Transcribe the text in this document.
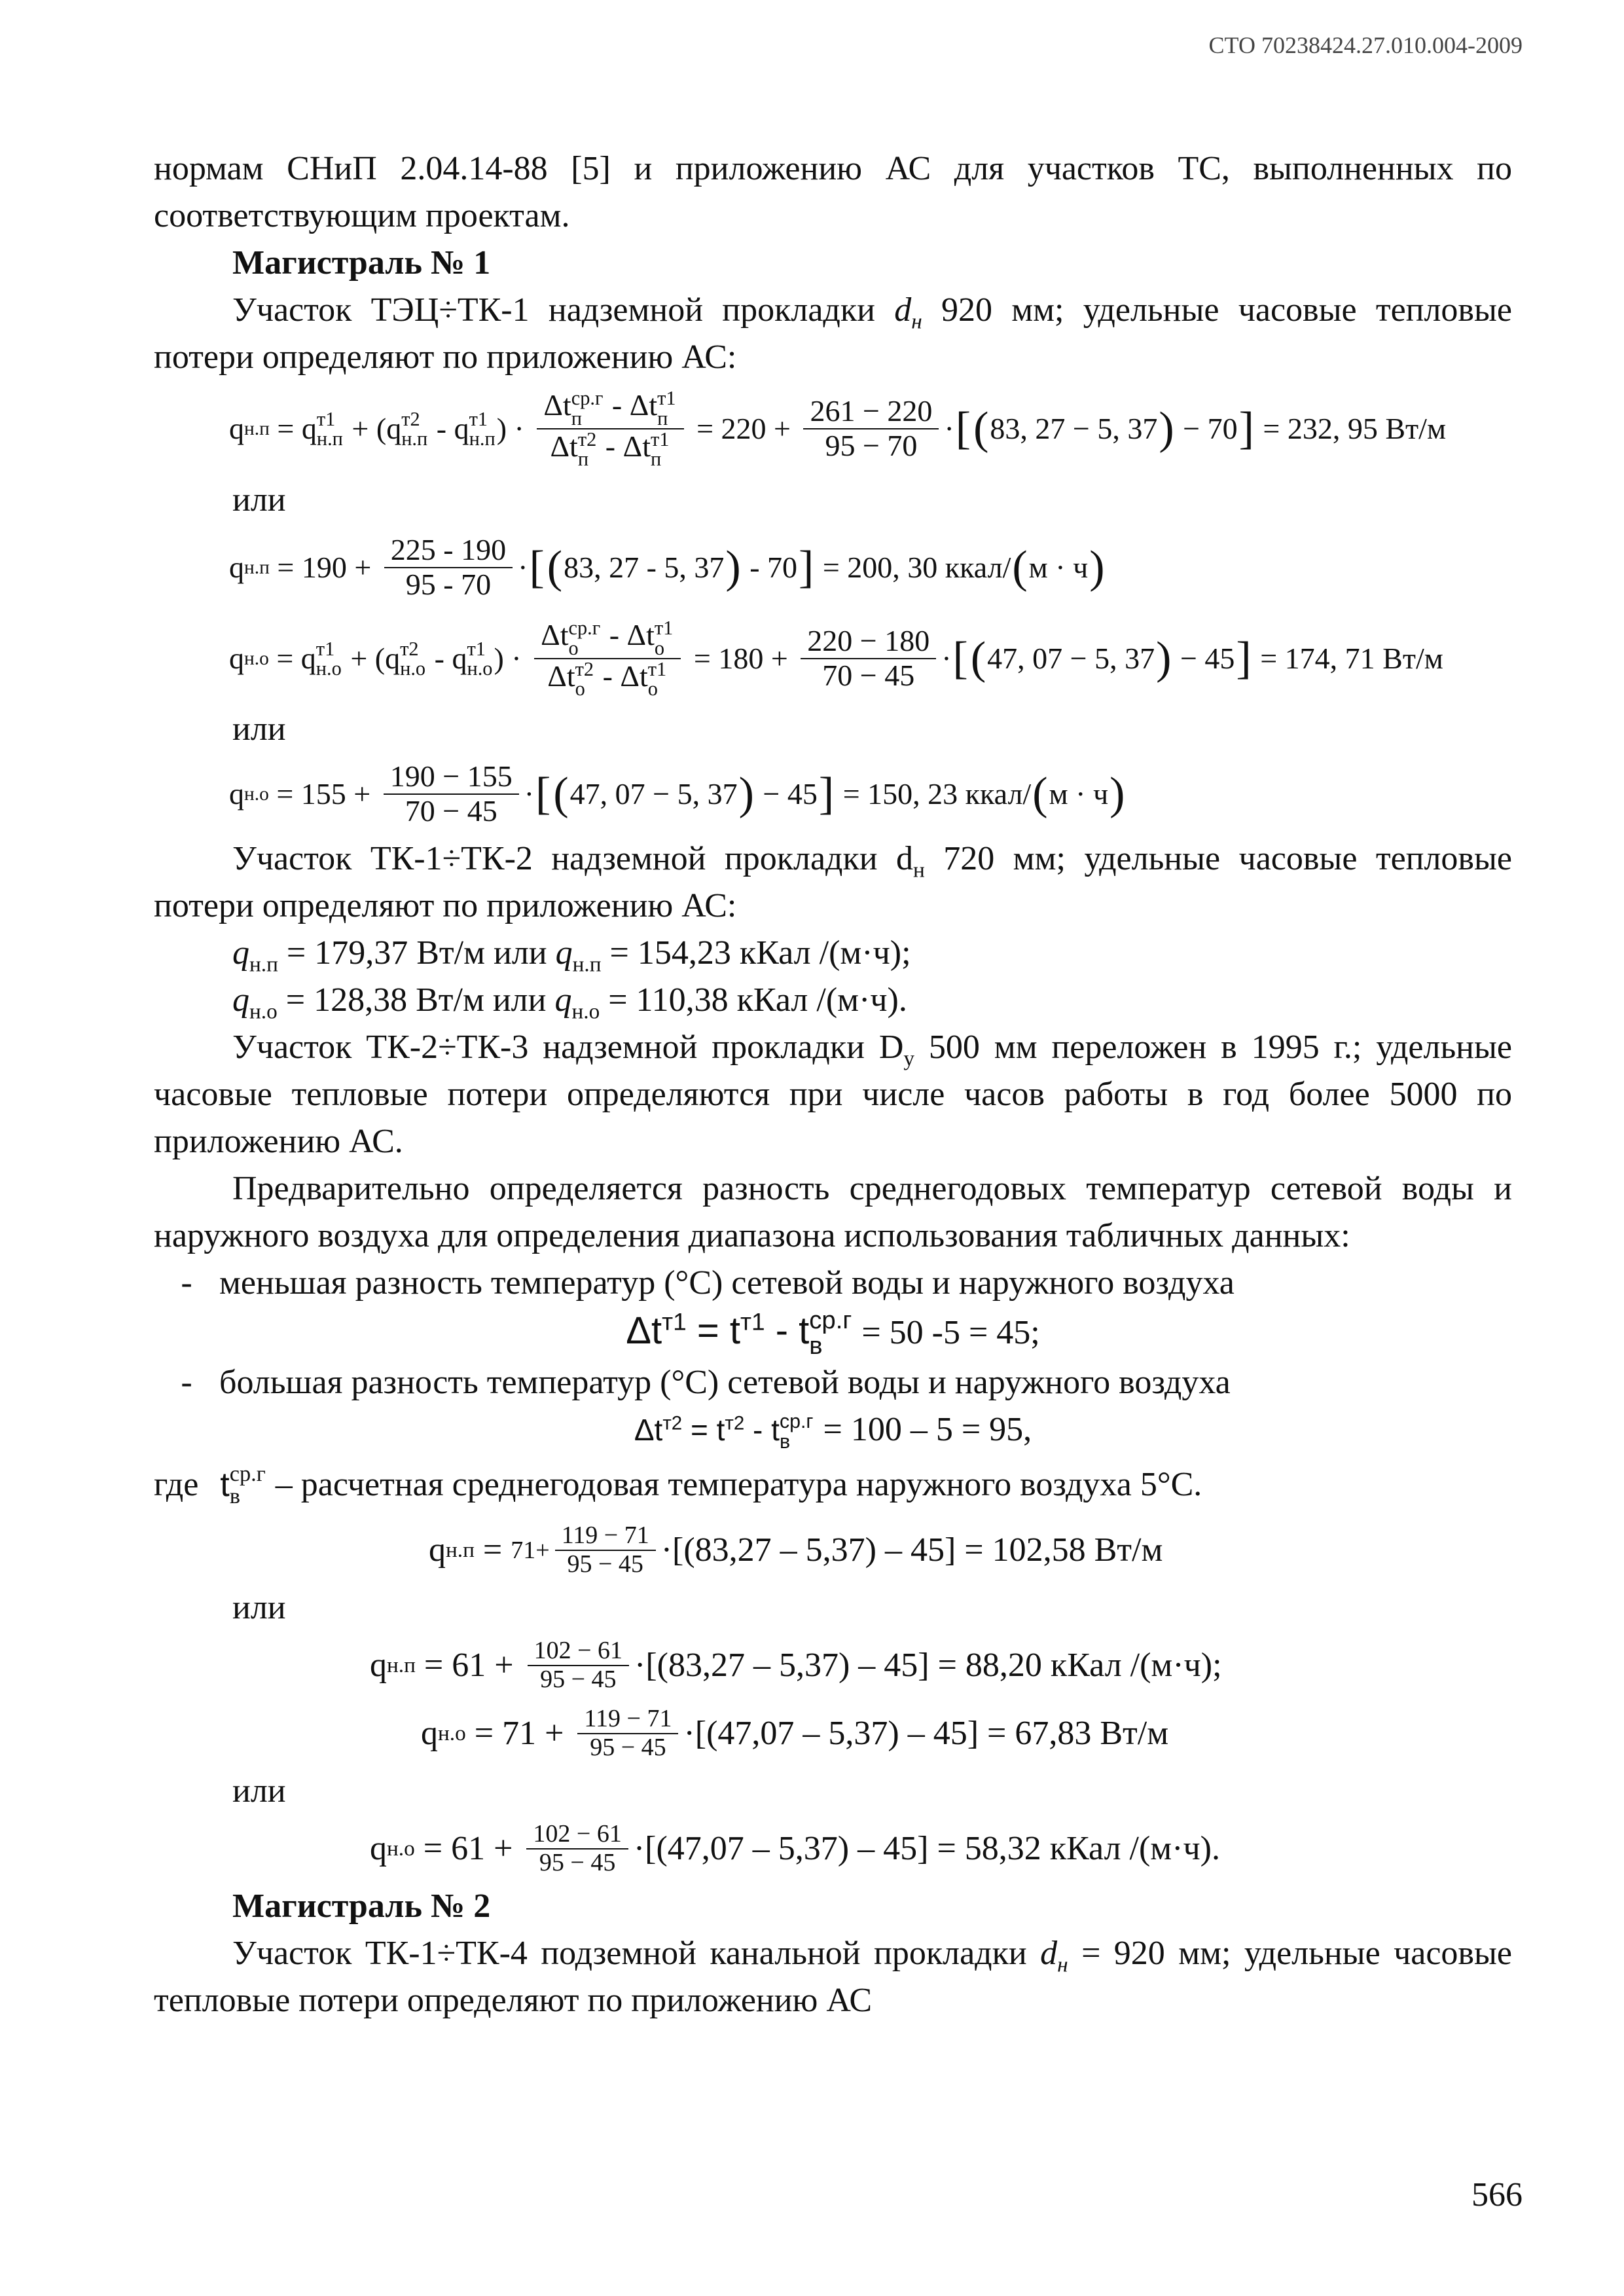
СТО 70238424.27.010.004-2009

нормам СНиП 2.04.14-88 [5] и приложению АС для участков ТС, выполненных по соответствующим проектам.

Магистраль № 1

Участок ТЭЦ÷ТК-1 надземной прокладки $d_н$ 920 мм; удельные часовые тепловые потери определяют по приложению АС:

q н.п = q т1
н.п + ( q т2
н.п - q т1
н.п ) ·
Δt ср.г
п - Δt т1
п
Δt т2
п - Δt т1
п
= $220 + \frac{261 - 220}{95 - 70}$ · [ ( 83, 27 − 5, 37 ) − 70 ] = 232, 95
Вт/м

или

q $н.п = 190 + \frac{225 - 190}{95 - 70}$ · [ ( 83, 27 - 5, 37 ) - 70 ] = 200, 30
ккал/ ( м · ч )
q н.о = q т1
н.о + ( q т2
н.о - q т1
н.о ) ·
Δt ср.г
о - Δt т1
о
Δt т2
о - Δt т1
о
= $180 + \frac{220 - 180}{70 - 45}$ · [ ( 47, 07 − 5, 37 ) − 45 ] = 174, 71
Вт/м

или

q $н.о = 155 + \frac{190 - 155}{70 - 45}$ · [ ( 47, 07 − 5, 37 ) − 45 ] = 150, 23
ккал/ ( м · ч )

Участок ТК-1÷ТК-2 надземной прокладки $d_н$ 720 мм; удельные часовые тепловые потери определяют по приложению АС:

$q_{н.п} = 179,37$ Вт/м или $q_{н.п} = 154,23$ кКал /(м·ч);

$q_{н.о} = 128,38$ Вт/м или $q_{н.о} = 110,38$ кКал /(м·ч).

Участок ТК-2÷ТК-3 надземной прокладки $D_у$ 500 мм переложен в 1995 г.; удельные часовые тепловые потери определяются при числе часов работы в год более 5000 по приложению АС.

Предварительно определяется разность среднегодовых температур сетевой воды и наружного воздуха для определения диапазона использования табличных данных:

- меньшая разность температур (°С) сетевой воды и наружного воздуха
$\Delta t^{т1} = t^{т1} - t$ ср.г
в = 50 -5 = 45;
- большая разность температур (°С) сетевой воды и наружного воздуха
$\Delta t^{т2} = t^{т2} - t$ ср.г
в = 100 – 5 = 95,

где t ср.г
в – расчетная среднегодовая температура наружного воздуха 5°С.

q $н.п = 71+ \frac{119 - 71}{95 - 45} \cdot[(83,27 - 5,37) - 45] = 102,58$ Вт/м

или

q $н.п = 61 + \frac{102 - 61}{95 - 45} \cdot[(83,27 - 5,37) - 45] = 88,20$ кКал /(м·ч);
q $н.о = 71 + \frac{119 - 71}{95 - 45} \cdot[(47,07 - 5,37) - 45] = 67,83$ Вт/м

или

q $н.о = 61 + \frac{102 - 61}{95 - 45} \cdot[(47,07 - 5,37) - 45] = 58,32$ кКал /(м·ч).

Магистраль № 2

Участок ТК-1÷ТК-4 подземной канальной прокладки $d_н = 920$ мм; удельные часовые тепловые потери определяют по приложению АС

566
